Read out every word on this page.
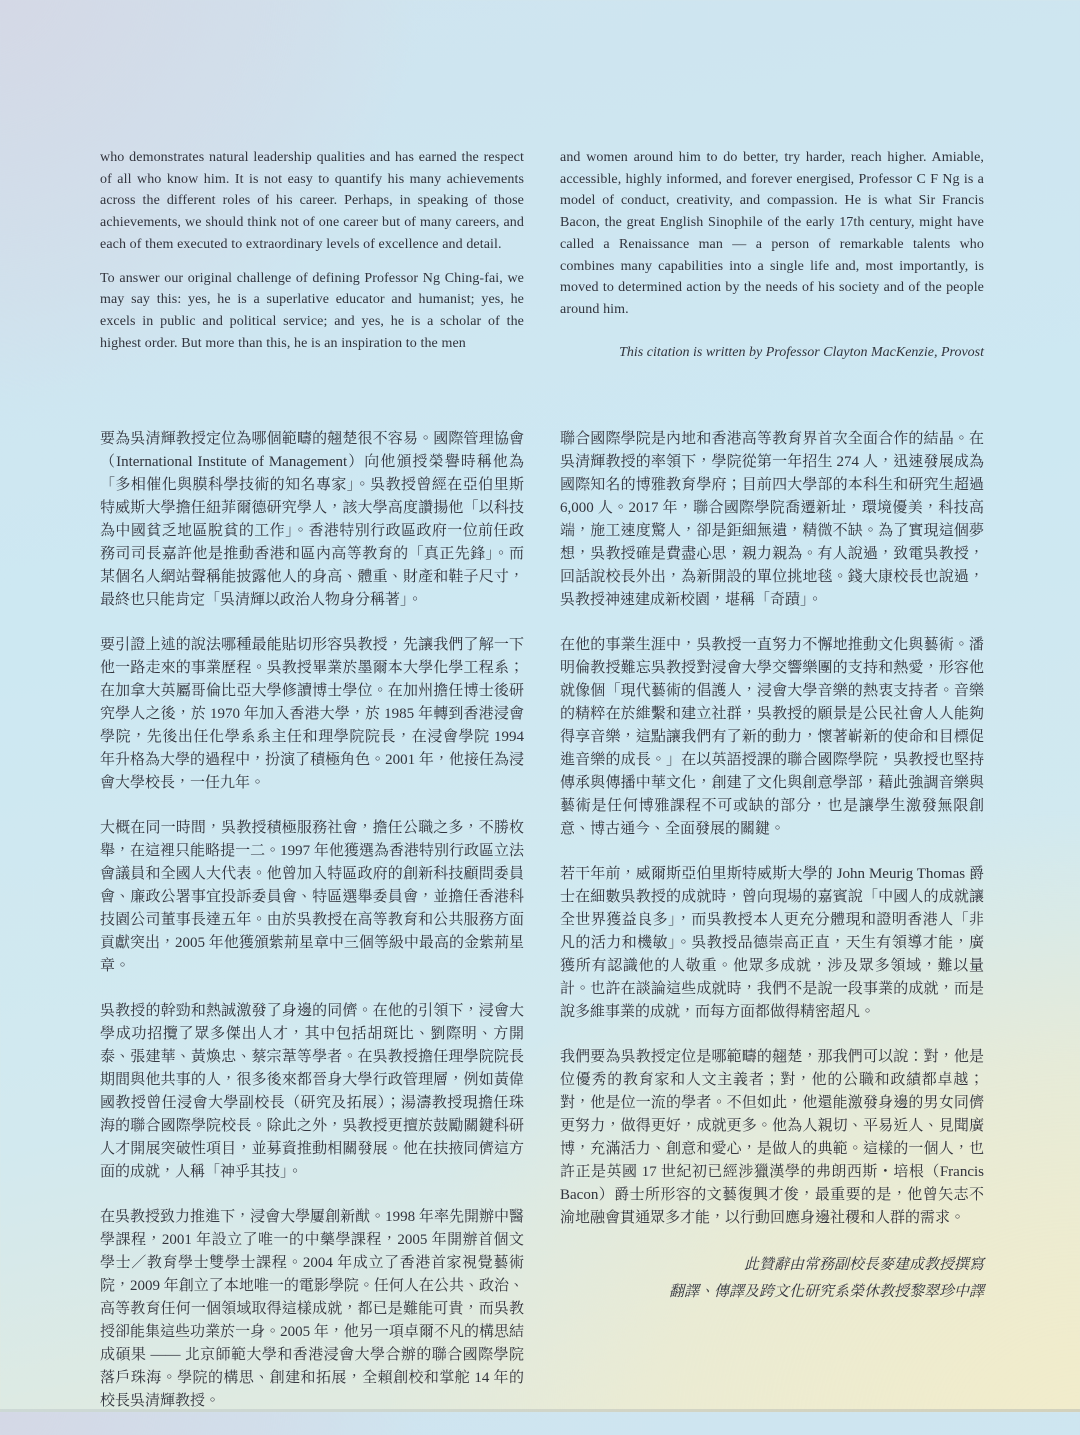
who demonstrates natural leadership qualities and has earned the respect of all who know him. It is not easy to quantify his many achievements across the different roles of his career. Perhaps, in speaking of those achievements, we should think not of one career but of many careers, and each of them executed to extraordinary levels of excellence and detail.

To answer our original challenge of defining Professor Ng Ching-fai, we may say this: yes, he is a superlative educator and humanist; yes, he excels in public and political service; and yes, he is a scholar of the highest order. But more than this, he is an inspiration to the men

and women around him to do better, try harder, reach higher. Amiable, accessible, highly informed, and forever energised, Professor C F Ng is a model of conduct, creativity, and compassion. He is what Sir Francis Bacon, the great English Sinophile of the early 17th century, might have called a Renaissance man — a person of remarkable talents who combines many capabilities into a single life and, most importantly, is moved to determined action by the needs of his society and of the people around him.

This citation is written by Professor Clayton MacKenzie, Provost

要為吳清輝教授定位為哪個範疇的翹楚很不容易。國際管理協會（International Institute of Management）向他頒授榮譽時稱他為「多相催化與膜科學技術的知名專家」。吳教授曾經在亞伯里斯特威斯大學擔任紐菲爾德研究學人，該大學高度讚揚他「以科技為中國貧乏地區脫貧的工作」。香港特別行政區政府一位前任政務司司長嘉許他是推動香港和區內高等教育的「真正先鋒」。而某個名人網站聲稱能披露他人的身高、體重、財產和鞋子尺寸，最終也只能肯定「吳清輝以政治人物身分稱著」。

要引證上述的說法哪種最能貼切形容吳教授，先讓我們了解一下他一路走來的事業歷程。吳教授畢業於墨爾本大學化學工程系；在加拿大英屬哥倫比亞大學修讀博士學位。在加州擔任博士後研究學人之後，於 1970 年加入香港大學，於 1985 年轉到香港浸會學院，先後出任化學系系主任和理學院院長，在浸會學院 1994 年升格為大學的過程中，扮演了積極角色。2001 年，他接任為浸會大學校長，一任九年。

大概在同一時間，吳教授積極服務社會，擔任公職之多，不勝枚舉，在這裡只能略提一二。1997 年他獲選為香港特別行政區立法會議員和全國人大代表。他曾加入特區政府的創新科技顧問委員會、廉政公署事宜投訴委員會、特區選舉委員會，並擔任香港科技園公司董事長達五年。由於吳教授在高等教育和公共服務方面貢獻突出，2005 年他獲頒紫荊星章中三個等級中最高的金紫荊星章。

吳教授的幹勁和熱誠激發了身邊的同儕。在他的引領下，浸會大學成功招攬了眾多傑出人才，其中包括胡斑比、劉際明、方開泰、張建華、黃煥忠、蔡宗葦等學者。在吳教授擔任理學院院長期間與他共事的人，很多後來都晉身大學行政管理層，例如黃偉國教授曾任浸會大學副校長（研究及拓展）；湯濤教授現擔任珠海的聯合國際學院校長。除此之外，吳教授更擅於鼓勵關鍵科研人才開展突破性項目，並募資推動相關發展。他在扶掖同儕這方面的成就，人稱「神乎其技」。

在吳教授致力推進下，浸會大學屢創新猷。1998 年率先開辦中醫學課程，2001 年設立了唯一的中藥學課程，2005 年開辦首個文學士／教育學士雙學士課程。2004 年成立了香港首家視覺藝術院，2009 年創立了本地唯一的電影學院。任何人在公共、政治、高等教育任何一個領域取得這樣成就，都已是難能可貴，而吳教授卻能集這些功業於一身。2005 年，他另一項卓爾不凡的構思結成碩果 —— 北京師範大學和香港浸會大學合辦的聯合國際學院落戶珠海。學院的構思、創建和拓展，全賴創校和掌舵 14 年的校長吳清輝教授。

聯合國際學院是內地和香港高等教育界首次全面合作的結晶。在吳清輝教授的率領下，學院從第一年招生 274 人，迅速發展成為國際知名的博雅教育學府；目前四大學部的本科生和研究生超過 6,000 人。2017 年，聯合國際學院喬遷新址，環境優美，科技高端，施工速度驚人，卻是鉅細無遺，精微不缺。為了實現這個夢想，吳教授確是費盡心思，親力親為。有人說過，致電吳教授，回話說校長外出，為新開設的單位挑地毯。錢大康校長也說過，吳教授神速建成新校園，堪稱「奇蹟」。

在他的事業生涯中，吳教授一直努力不懈地推動文化與藝術。潘明倫教授難忘吳教授對浸會大學交響樂團的支持和熱愛，形容他就像個「現代藝術的倡護人，浸會大學音樂的熱衷支持者。音樂的精粹在於維繫和建立社群，吳教授的願景是公民社會人人能夠得享音樂，這點讓我們有了新的動力，懷著嶄新的使命和目標促進音樂的成長。」在以英語授課的聯合國際學院，吳教授也堅持傳承與傳播中華文化，創建了文化與創意學部，藉此強調音樂與藝術是任何博雅課程不可或缺的部分，也是讓學生激發無限創意、博古通今、全面發展的關鍵。

若干年前，威爾斯亞伯里斯特威斯大學的 John Meurig Thomas 爵士在細數吳教授的成就時，曾向現場的嘉賓說「中國人的成就讓全世界獲益良多」，而吳教授本人更充分體現和證明香港人「非凡的活力和機敏」。吳教授品德崇高正直，天生有領導才能，廣獲所有認識他的人敬重。他眾多成就，涉及眾多領域，難以量計。也許在談論這些成就時，我們不是說一段事業的成就，而是說多維事業的成就，而每方面都做得精密超凡。

我們要為吳教授定位是哪範疇的翹楚，那我們可以說：對，他是位優秀的教育家和人文主義者；對，他的公職和政績都卓越；對，他是位一流的學者。不但如此，他還能激發身邊的男女同儕更努力，做得更好，成就更多。他為人親切、平易近人、見聞廣博，充滿活力、創意和愛心，是做人的典範。這樣的一個人，也許正是英國 17 世紀初已經涉獵漢學的弗朗西斯・培根（Francis Bacon）爵士所形容的文藝復興才俊，最重要的是，他曾矢志不渝地融會貫通眾多才能，以行動回應身邊社稷和人群的需求。

此贊辭由常務副校長麥建成教授撰寫

翻譯、傳譯及跨文化研究系榮休教授黎翠珍中譯
